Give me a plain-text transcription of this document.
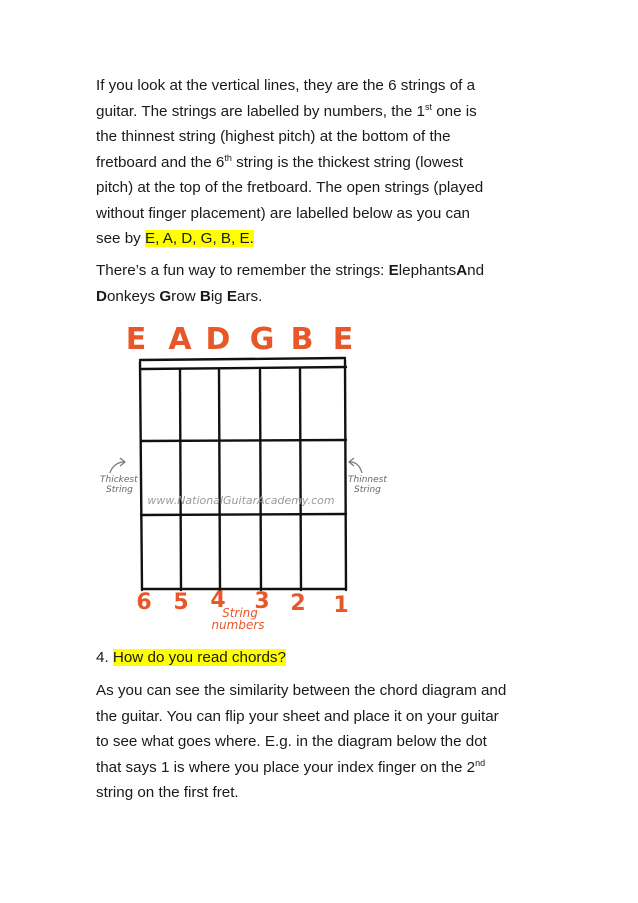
If you look at the vertical lines, they are the 6 strings of a
guitar. The strings are labelled by numbers, the 1st one is
the thinnest string (highest pitch) at the bottom of the
fretboard and the 6th string is the thickest string (lowest
pitch) at the top of the fretboard. The open strings (played
without finger placement) are labelled below as you can
see by E, A, D, G, B, E.
There’s a fun way to remember the strings: ElephantsAnd
Donkeys Grow Big Ears.
E A D G B E
Thickest
String
Thinnest
String
www.NationalGuitarAcademy.com
6 5 4 3 2 1
String
numbers
4. How do you read chords?
As you can see the similarity between the chord diagram and
the guitar. You can flip your sheet and place it on your guitar
to see what goes where. E.g. in the diagram below the dot
that says 1 is where you place your index finger on the 2nd
string on the first fret.
